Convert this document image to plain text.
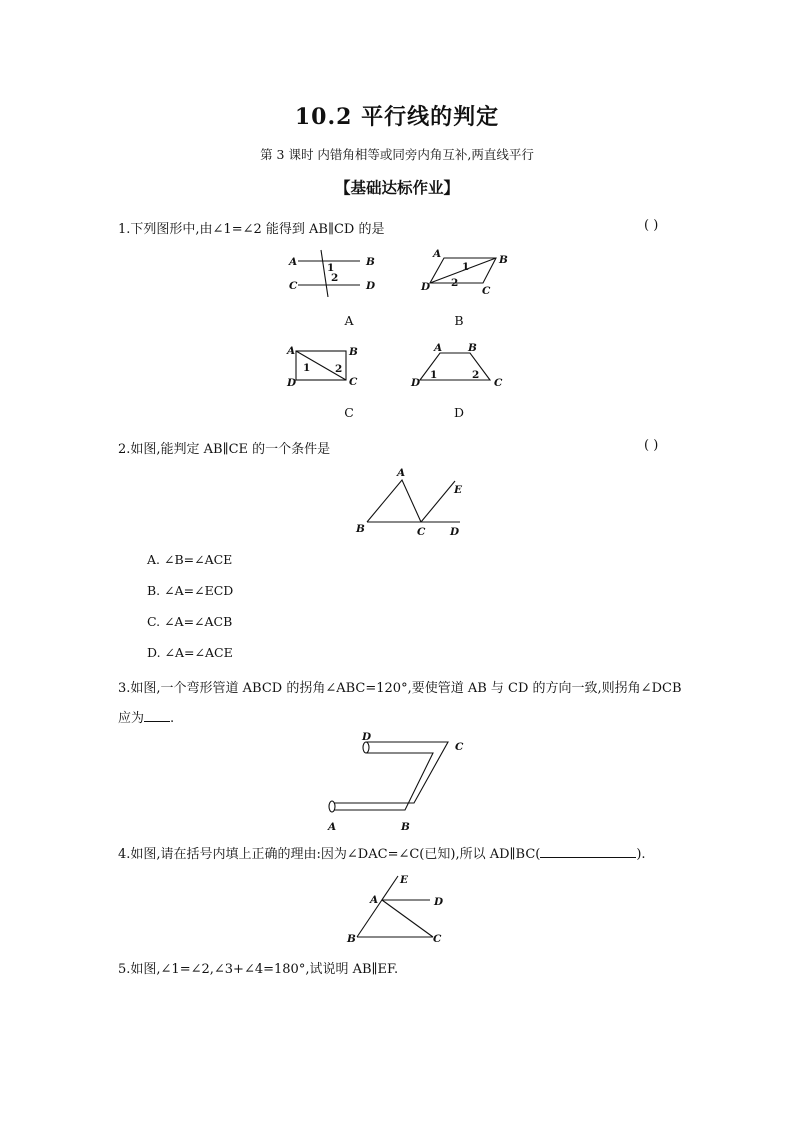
10.2 平行线的判定
第 3 课时 内错角相等或同旁内角互补,两直线平行
【基础达标作业】
1.下列图形中,由∠1=∠2 能得到 AB∥CD 的是	( )
A	B
C	D
1
2
A
A	B
D	C
1
2
B
A	B
D	C
1 2
C
A B
D	C
1	2
D
2.如图,能判定 AB∥CE 的一个条件是	( )
A
E
B	C D
A. ∠B=∠ACE
B. ∠A=∠ECD
C. ∠A=∠ACB
D. ∠A=∠ACE
3.如图,一个弯形管道 ABCD 的拐角∠ABC=120°,要使管道 AB 与 CD 的方向一致,则拐角∠DCB
应为 .
D
C
A	B
4.如图,请在括号内填上正确的理由:因为∠DAC=∠C(已知),所以 AD∥BC(	).
E
A	D
B	C
5.如图,∠1=∠2,∠3+∠4=180°,试说明 AB∥EF.
